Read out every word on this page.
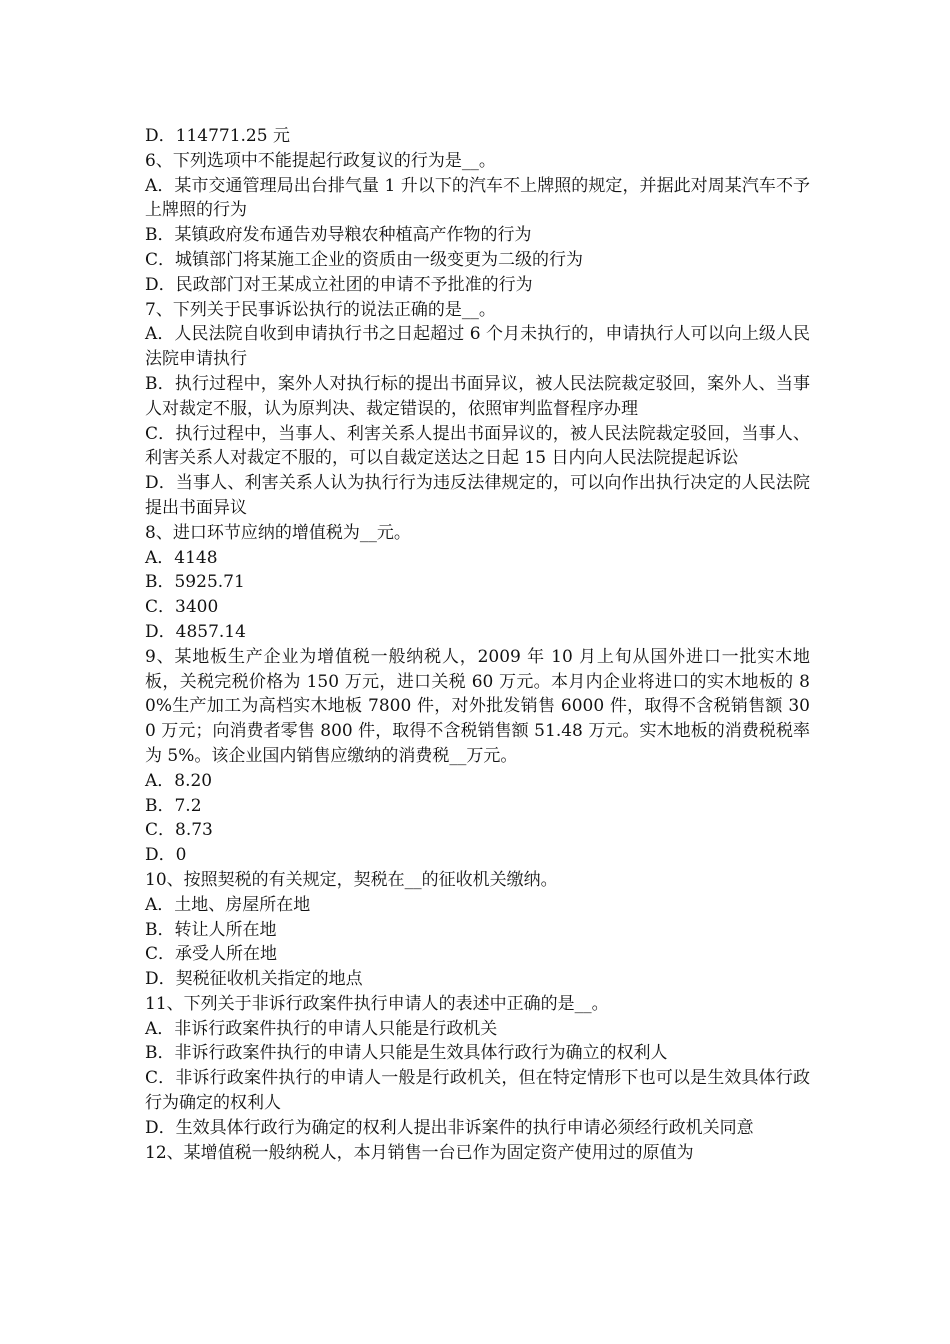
D．114771.25 元

6、下列选项中不能提起行政复议的行为是__。

A．某市交通管理局出台排气量 1 升以下的汽车不上牌照的规定，并据此对周某汽车不予上牌照的行为

B．某镇政府发布通告劝导粮农种植高产作物的行为

C．城镇部门将某施工企业的资质由一级变更为二级的行为

D．民政部门对王某成立社团的申请不予批准的行为

7、下列关于民事诉讼执行的说法正确的是__。

A．人民法院自收到申请执行书之日起超过 6 个月未执行的，申请执行人可以向上级人民法院申请执行

B．执行过程中，案外人对执行标的提出书面异议，被人民法院裁定驳回，案外人、当事人对裁定不服，认为原判决、裁定错误的，依照审判监督程序办理

C．执行过程中，当事人、利害关系人提出书面异议的，被人民法院裁定驳回，当事人、利害关系人对裁定不服的，可以自裁定送达之日起 15 日内向人民法院提起诉讼

D．当事人、利害关系人认为执行行为违反法律规定的，可以向作出执行决定的人民法院提出书面异议

8、进口环节应纳的增值税为__元。

A．4148

B．5925.71

C．3400

D．4857.14

9、某地板生产企业为增值税一般纳税人，2009 年 10 月上旬从国外进口一批实木地板，关税完税价格为 150 万元，进口关税 60 万元。本月内企业将进口的实木地板的 80%生产加工为高档实木地板 7800 件，对外批发销售 6000 件，取得不含税销售额 300 万元；向消费者零售 800 件，取得不含税销售额 51.48 万元。实木地板的消费税税率为 5%。该企业国内销售应缴纳的消费税__万元。

A．8.20

B．7.2

C．8.73

D．0

10、按照契税的有关规定，契税在__的征收机关缴纳。

A．土地、房屋所在地

B．转让人所在地

C．承受人所在地

D．契税征收机关指定的地点

11、下列关于非诉行政案件执行申请人的表述中正确的是__。

A．非诉行政案件执行的申请人只能是行政机关

B．非诉行政案件执行的申请人只能是生效具体行政行为确立的权利人

C．非诉行政案件执行的申请人一般是行政机关，但在特定情形下也可以是生效具体行政行为确定的权利人

D．生效具体行政行为确定的权利人提出非诉案件的执行申请必须经行政机关同意

12、某增值税一般纳税人，本月销售一台已作为固定资产使用过的原值为
